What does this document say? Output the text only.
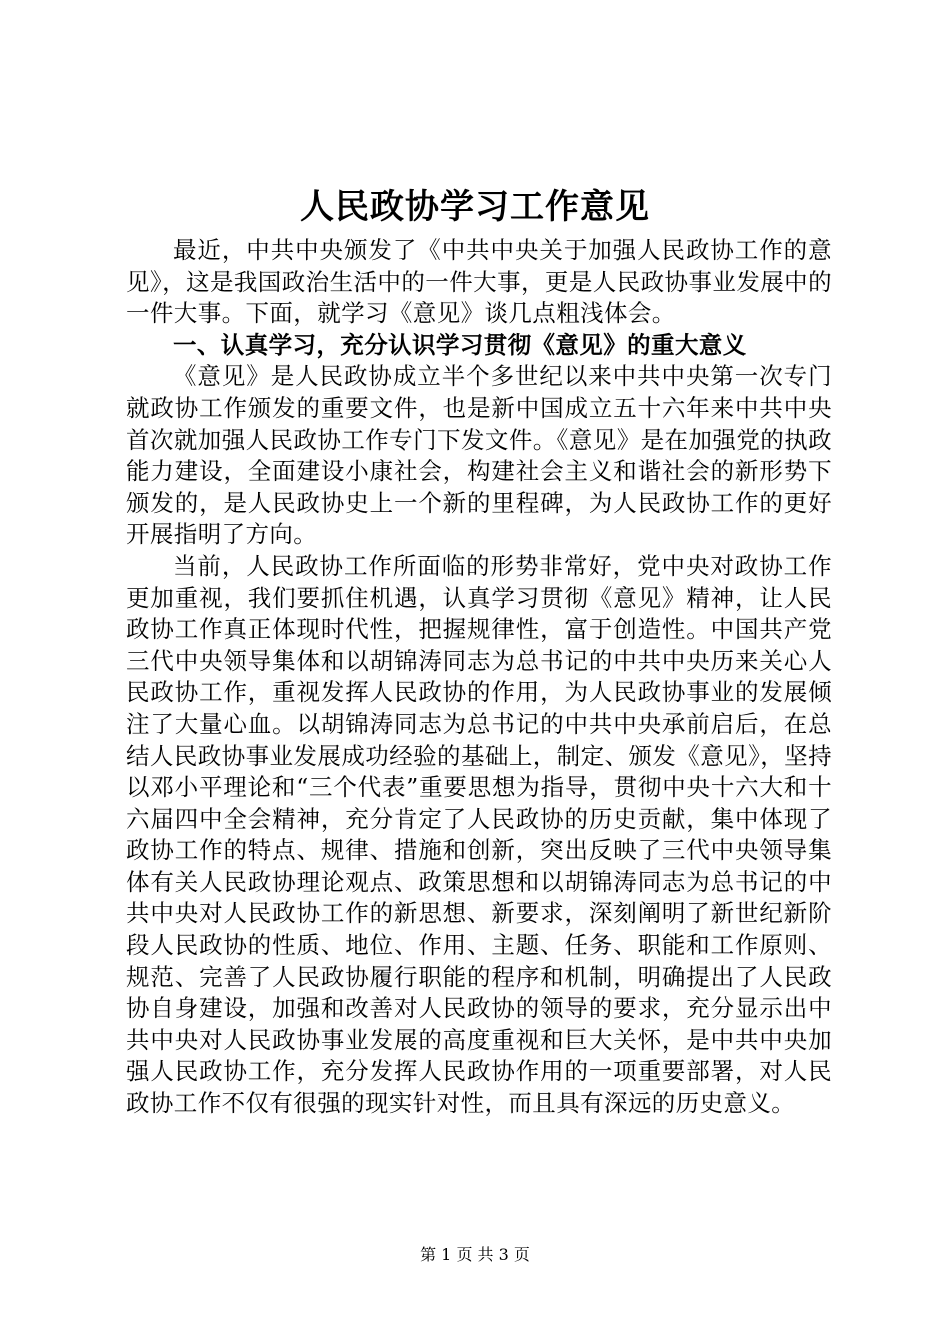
人民政协学习工作意见

最近，中共中央颁发了《中共中央关于加强人民政协工作的意见》，这是我国政治生活中的一件大事，更是人民政协事业发展中的一件大事。下面，就学习《意见》谈几点粗浅体会。

一、认真学习，充分认识学习贯彻《意见》的重大意义

《意见》是人民政协成立半个多世纪以来中共中央第一次专门就政协工作颁发的重要文件，也是新中国成立五十六年来中共中央首次就加强人民政协工作专门下发文件。《意见》是在加强党的执政能力建设，全面建设小康社会，构建社会主义和谐社会的新形势下颁发的，是人民政协史上一个新的里程碑，为人民政协工作的更好开展指明了方向。

当前，人民政协工作所面临的形势非常好，党中央对政协工作更加重视，我们要抓住机遇，认真学习贯彻《意见》精神，让人民政协工作真正体现时代性，把握规律性，富于创造性。中国共产党三代中央领导集体和以胡锦涛同志为总书记的中共中央历来关心人民政协工作，重视发挥人民政协的作用，为人民政协事业的发展倾注了大量心血。以胡锦涛同志为总书记的中共中央承前启后，在总结人民政协事业发展成功经验的基础上，制定、颁发《意见》，坚持以邓小平理论和“三个代表”重要思想为指导，贯彻中央十六大和十六届四中全会精神，充分肯定了人民政协的历史贡献，集中体现了政协工作的特点、规律、措施和创新，突出反映了三代中央领导集体有关人民政协理论观点、政策思想和以胡锦涛同志为总书记的中共中央对人民政协工作的新思想、新要求，深刻阐明了新世纪新阶段人民政协的性质、地位、作用、主题、任务、职能和工作原则、规范、完善了人民政协履行职能的程序和机制，明确提出了人民政协自身建设，加强和改善对人民政协的领导的要求，充分显示出中共中央对人民政协事业发展的高度重视和巨大关怀，是中共中央加强人民政协工作，充分发挥人民政协作用的一项重要部署，对人民政协工作不仅有很强的现实针对性，而且具有深远的历史意义。

第 1 页 共 3 页
